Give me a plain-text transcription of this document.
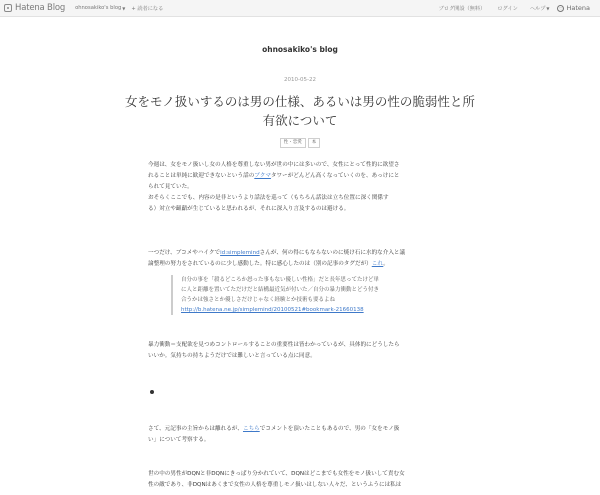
Hatena Blog ohnosakiko's blog ▼ + 読者になる	ブログ開設（無料） ログイン ヘルプ ▼	♡ Hatena
ohnosakiko's blog
2010-05-22
女をモノ扱いするのは男の仕様、あるいは男の性の脆弱性と所
有欲について
性・恋愛	本

今週は、女をモノ扱いし女の人格を尊重しない男が世の中には多いので、女性にとって性的に欲望さ

れることは単純に歓迎できないという話のブクマタワーがどんどん高くなっていくのを、あっけにと

られて見ていた。

おそらくここでも、内容の是非というより話法を巡って（もちろん話法は立ち位置に深く関係す

る）対立や齟齬が生じていると思われるが、それに深入り言及するのは避ける。

一つだけ、ブコメやハイクでid:simplemindさんが、何の得にもならないのに焼け石に水的な介入と議

論整理の努力をされているのに少し感動した。特に感心したのは（別の記事のタグだが）これ。

自分の事を「殺るどころか怒った事もない優しい性格」だと長年思ってたけど単

に人と距離を置いてただけだと結構最近気が付いた／自分の暴力衝動とどう付き

合うかは強さとか優しさだけじゃなく経験とか技術も要るよね

http://b.hatena.ne.jp/simplemind/20100521#bookmark-21660138

暴力衝動＝支配欲を見つめコントロールすることの重要性は皆わかっているが、具体的にどうしたら

いいか。気持ちの持ちようだけでは難しいと言っている点に同意。

さて、元記事の主旨からは離れるが、こちらでコメントを頂いたこともあるので、男の「女をモノ扱

い」について考察する。

世の中の男性がDQNと非DQNにきっぱり分かれていて、DQNはどこまでも女性をモノ扱いして責む女

性の敵であり、非DQNはあくまで女性の人格を尊重しモノ扱いはしない人々だ、というふうには私は
